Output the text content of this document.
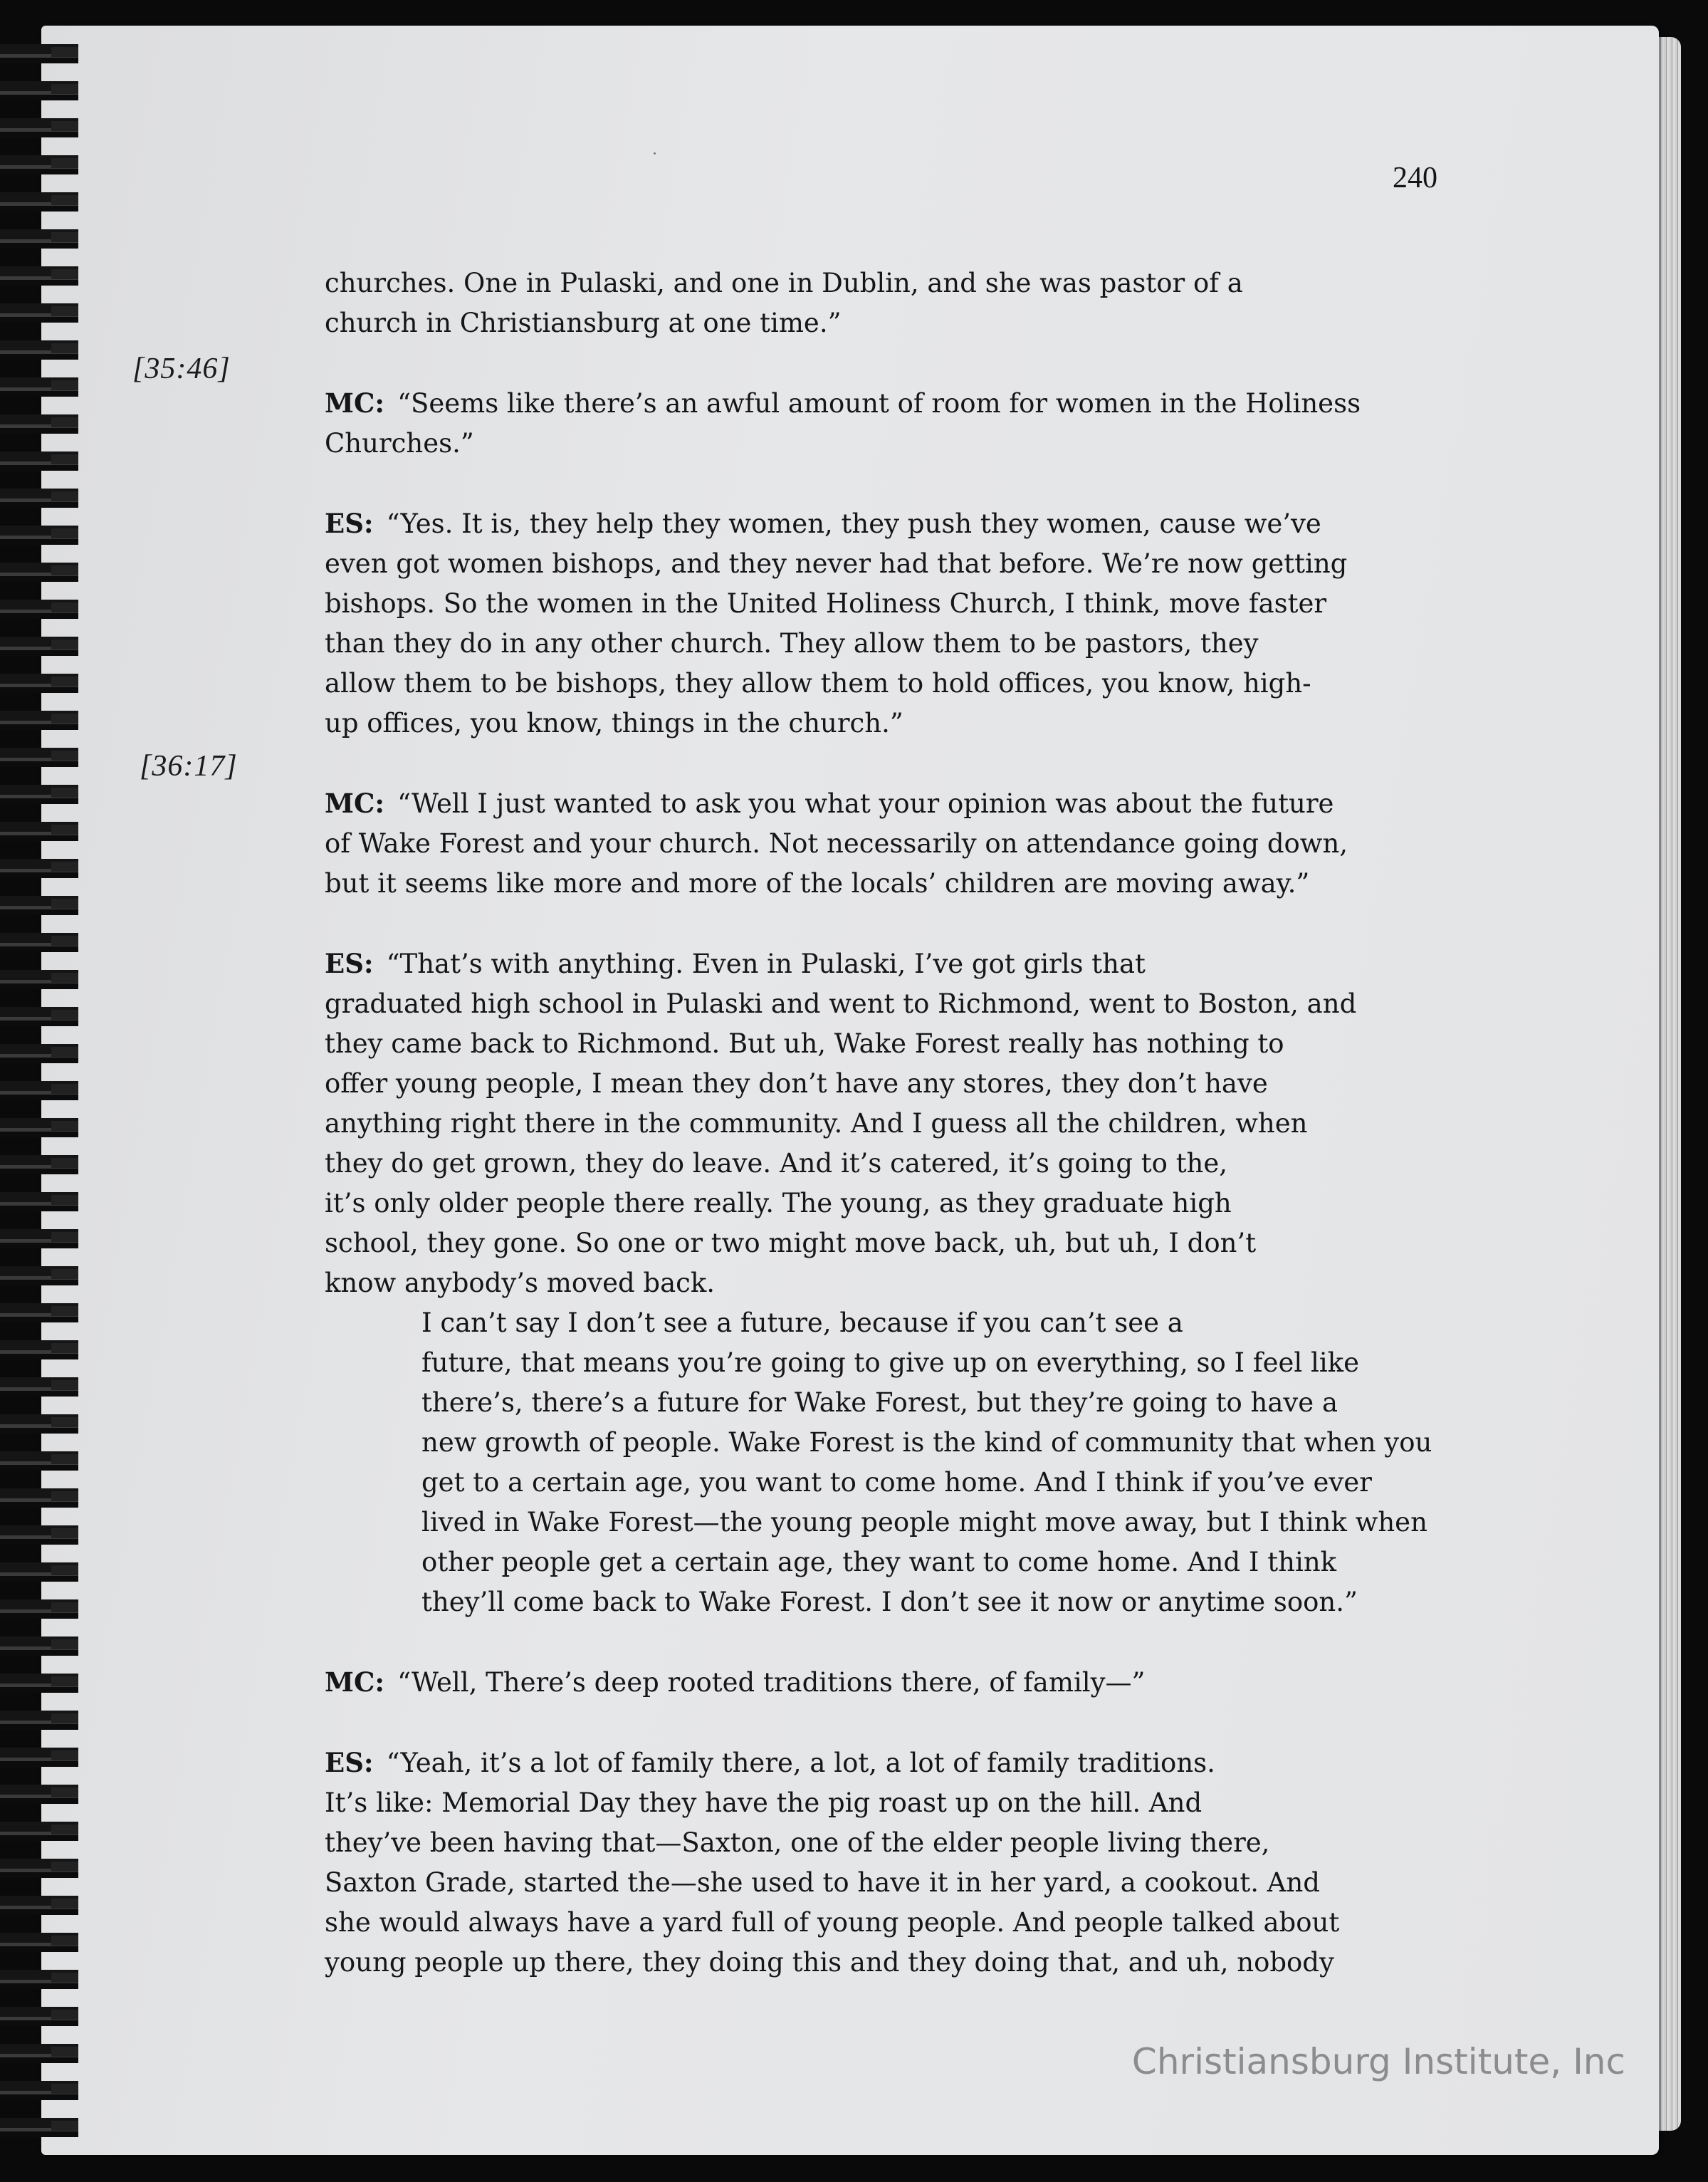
240
[35:46]
[36:17]
churches. One in Pulaski, and one in Dublin, and she was pastor of a
church in Christiansburg at one time.”
MC: “Seems like there’s an awful amount of room for women in the Holiness
Churches.”
ES: “Yes. It is, they help they women, they push they women, cause we’ve
even got women bishops, and they never had that before. We’re now getting
bishops. So the women in the United Holiness Church, I think, move faster
than they do in any other church. They allow them to be pastors, they
allow them to be bishops, they allow them to hold offices, you know, high-
up offices, you know, things in the church.”
MC: “Well I just wanted to ask you what your opinion was about the future
of Wake Forest and your church. Not necessarily on attendance going down,
but it seems like more and more of the locals’ children are moving away.”
ES: “That’s with anything. Even in Pulaski, I’ve got girls that
graduated high school in Pulaski and went to Richmond, went to Boston, and
they came back to Richmond. But uh, Wake Forest really has nothing to
offer young people, I mean they don’t have any stores, they don’t have
anything right there in the community. And I guess all the children, when
they do get grown, they do leave. And it’s catered, it’s going to the,
it’s only older people there really. The young, as they graduate high
school, they gone. So one or two might move back, uh, but uh, I don’t
know anybody’s moved back.
I can’t say I don’t see a future, because if you can’t see a
future, that means you’re going to give up on everything, so I feel like
there’s, there’s a future for Wake Forest, but they’re going to have a
new growth of people. Wake Forest is the kind of community that when you
get to a certain age, you want to come home. And I think if you’ve ever
lived in Wake Forest—the young people might move away, but I think when
other people get a certain age, they want to come home. And I think
they’ll come back to Wake Forest. I don’t see it now or anytime soon.”
MC: “Well, There’s deep rooted traditions there, of family—”
ES: “Yeah, it’s a lot of family there, a lot, a lot of family traditions.
It’s like: Memorial Day they have the pig roast up on the hill. And
they’ve been having that—Saxton, one of the elder people living there,
Saxton Grade, started the—she used to have it in her yard, a cookout. And
she would always have a yard full of young people. And people talked about
young people up there, they doing this and they doing that, and uh, nobody
Christiansburg Institute, Inc
